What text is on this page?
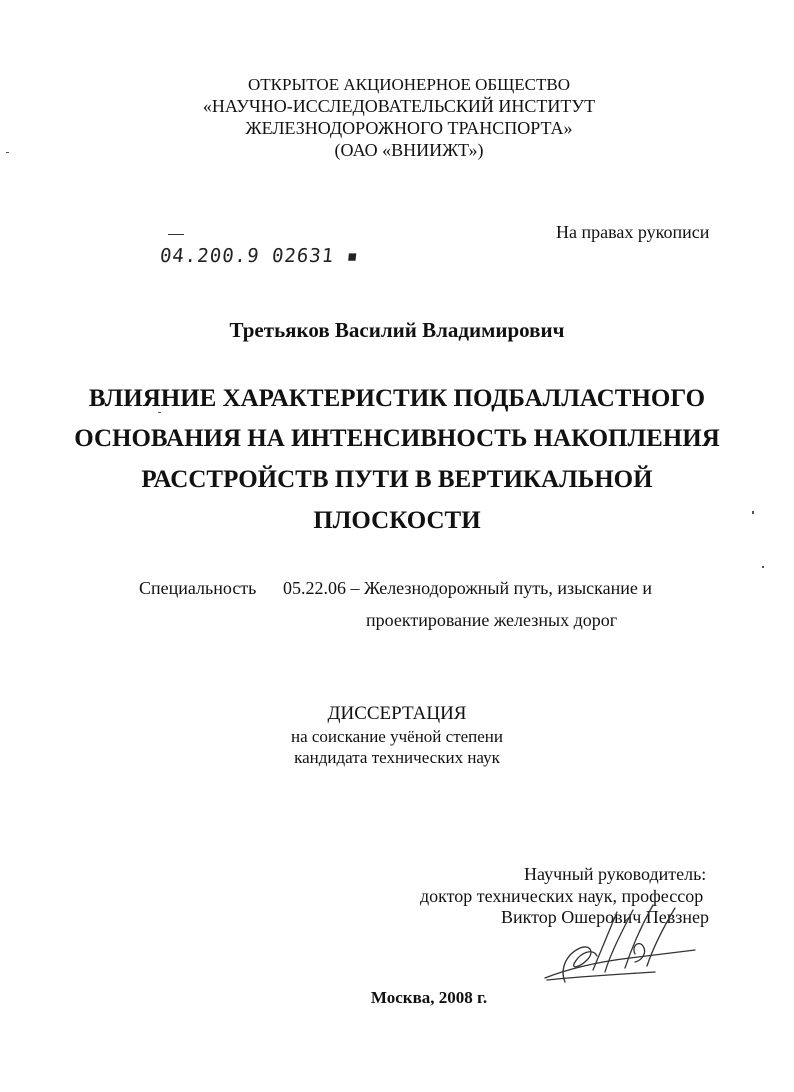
ОТКРЫТОЕ АКЦИОНЕРНОЕ ОБЩЕСТВО
«НАУЧНО-ИССЛЕДОВАТЕЛЬСКИЙ ИНСТИТУТ
ЖЕЛЕЗНОДОРОЖНОГО ТРАНСПОРТА»
(ОАО «ВНИИЖТ»)
На правах рукописи
04.200.9 02631 ▪
Третьяков Василий Владимирович
ВЛИЯНИЕ ХАРАКТЕРИСТИК ПОДБАЛЛАСТНОГО
ОСНОВАНИЯ НА ИНТЕНСИВНОСТЬ НАКОПЛЕНИЯ
РАССТРОЙСТВ ПУТИ В ВЕРТИКАЛЬНОЙ
ПЛОСКОСТИ
Специальность 05.22.06 – Железнодорожный путь, изыскание и
проектирование железных дорог
ДИССЕРТАЦИЯ
на соискание учёной степени
кандидата технических наук
Научный руководитель:
доктор технических наук, профессор
Виктор Ошерович Певзнер
Москва, 2008 г.
